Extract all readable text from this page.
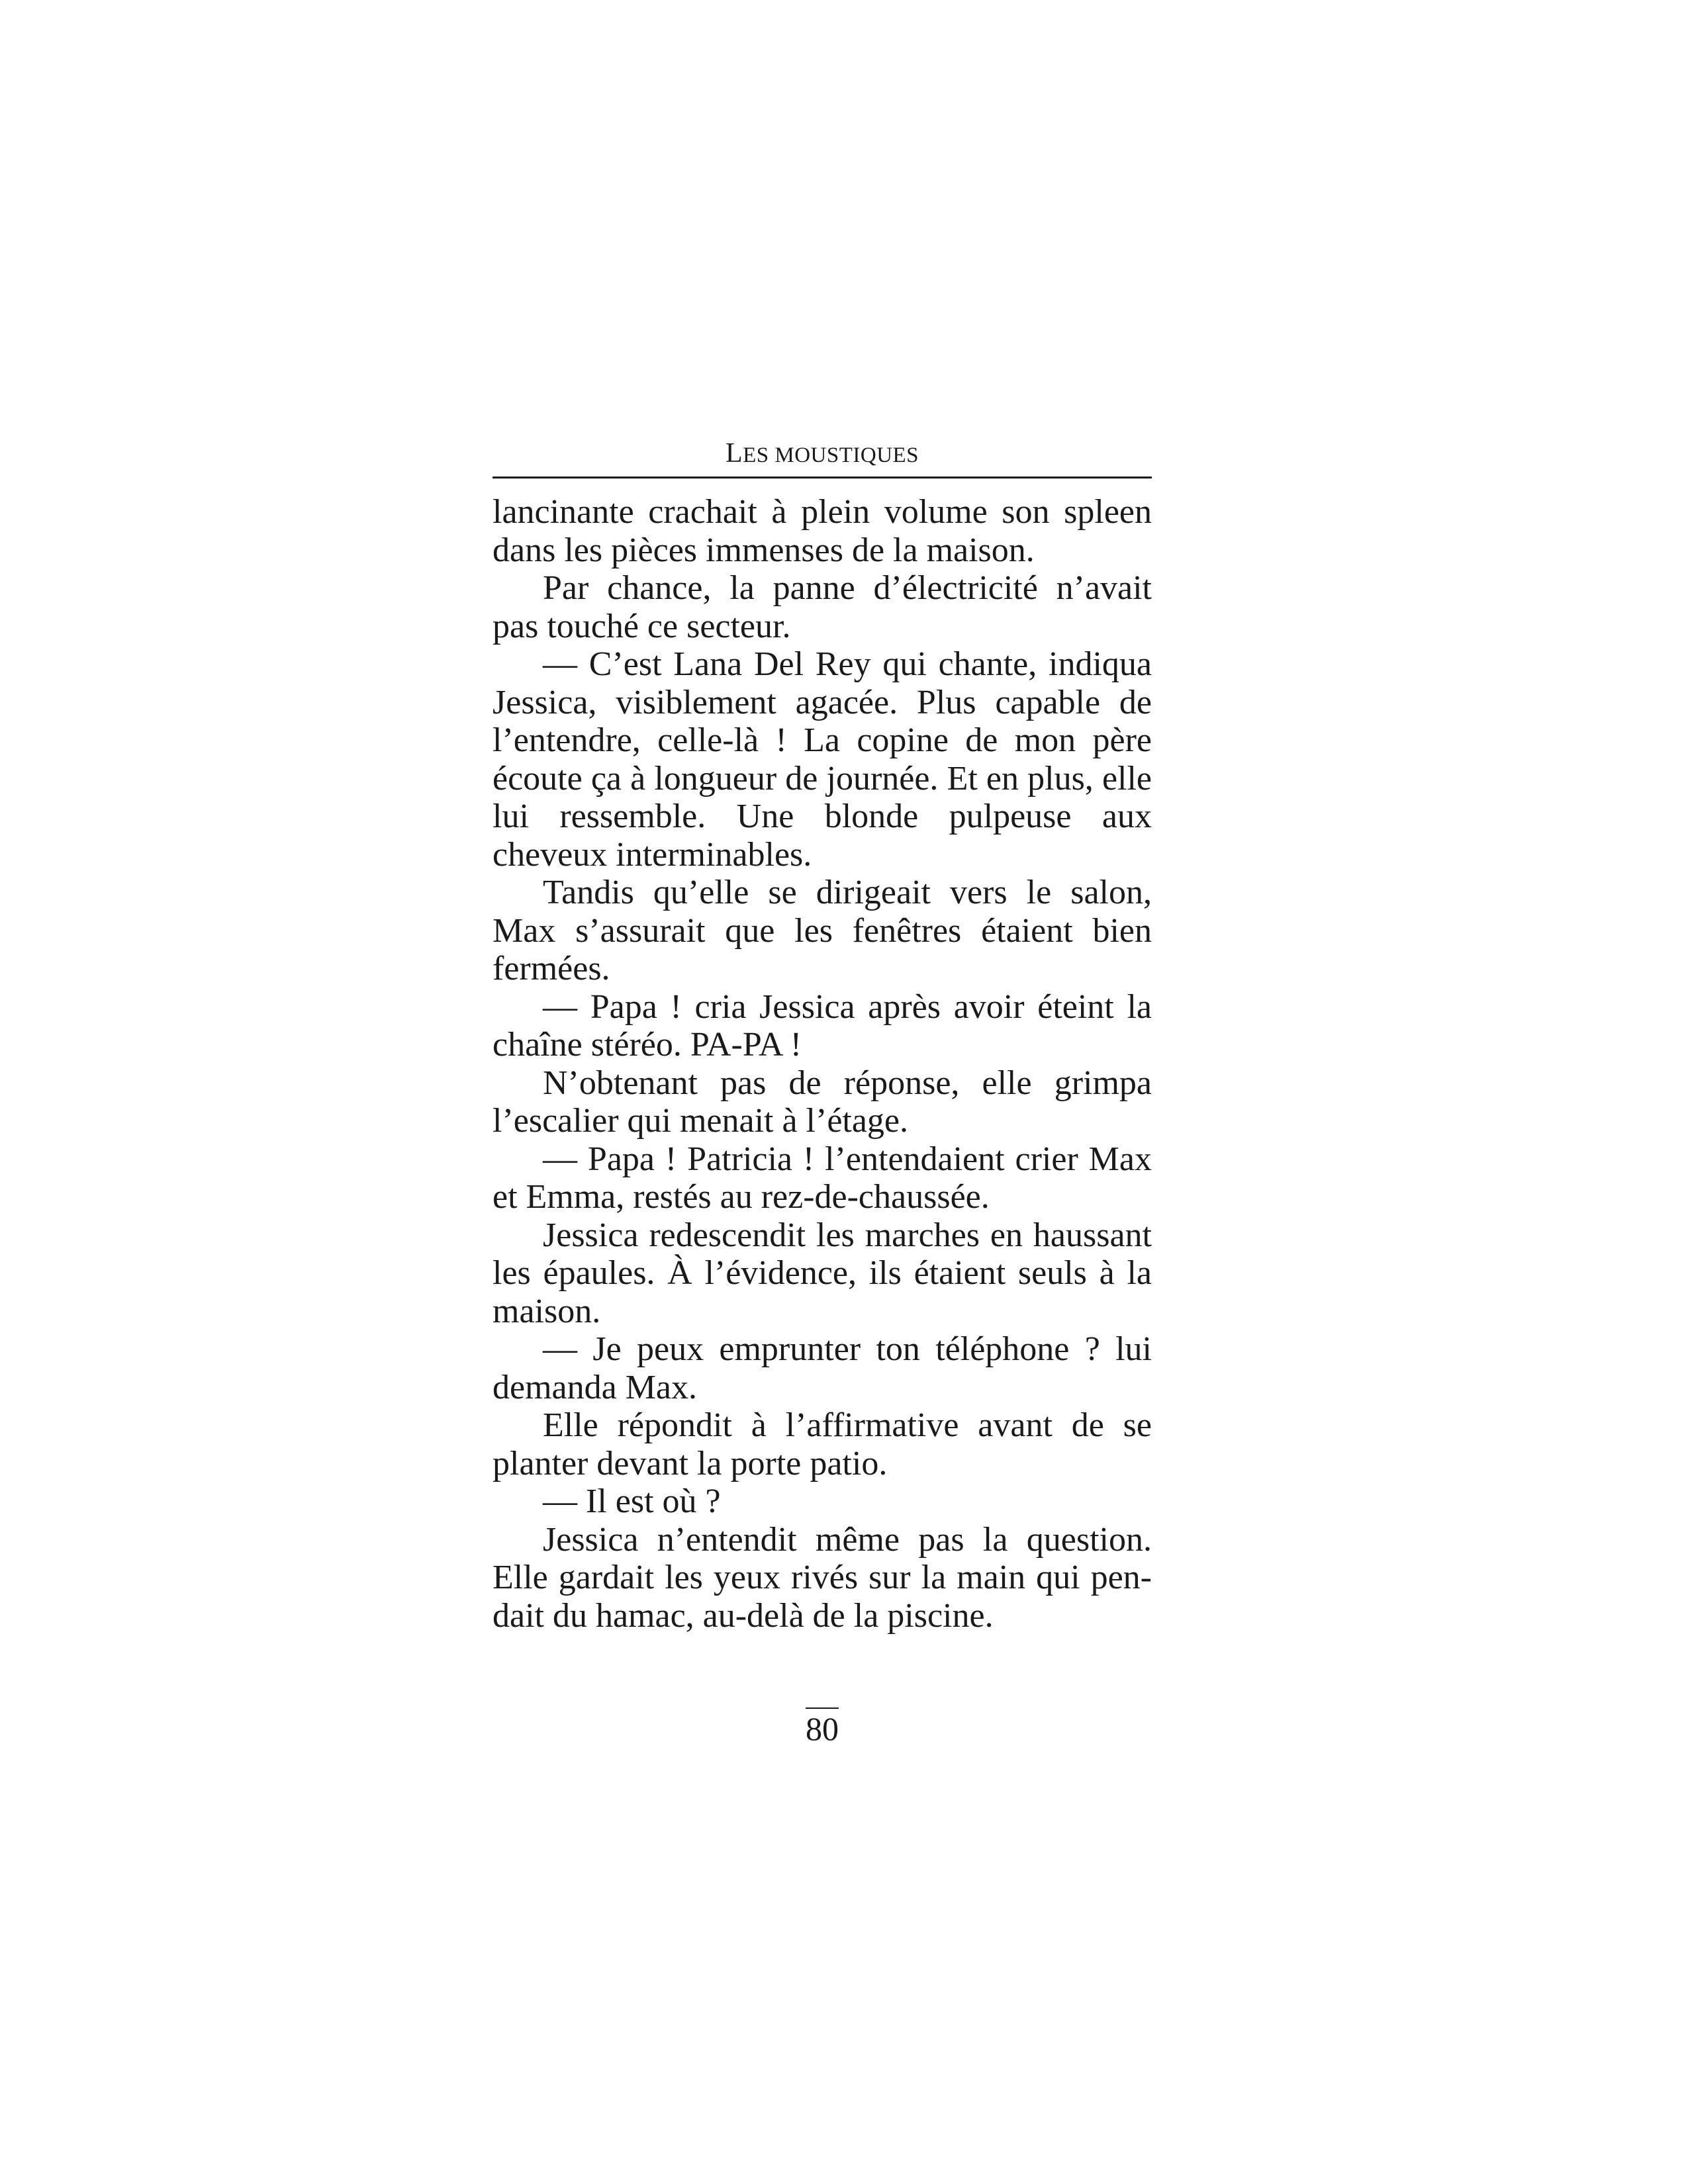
LES MOUSTIQUES

lancinante crachait à plein volume son spleen dans les pièces immenses de la maison.

Par chance, la panne d’électricité n’avait pas touché ce secteur.

— C’est Lana Del Rey qui chante, indiqua Jessica, visiblement agacée. Plus capable de l’entendre, celle-là ! La copine de mon père écoute ça à longueur de journée. Et en plus, elle lui ressemble. Une blonde pulpeuse aux cheveux interminables.

Tandis qu’elle se dirigeait vers le salon, Max s’assurait que les fenêtres étaient bien fermées.

— Papa ! cria Jessica après avoir éteint la chaîne stéréo. PA-PA !

N’obtenant pas de réponse, elle grimpa l’escalier qui menait à l’étage.

— Papa ! Patricia ! l’entendaient crier Max et Emma, restés au rez-de-chaussée.

Jessica redescendit les marches en haussant les épaules. À l’évidence, ils étaient seuls à la maison.

— Je peux emprunter ton téléphone ? lui demanda Max.

Elle répondit à l’affirmative avant de se planter devant la porte patio.

— Il est où ?

Jessica n’entendit même pas la question. Elle gardait les yeux rivés sur la main qui pen-dait du hamac, au-delà de la piscine.

80
